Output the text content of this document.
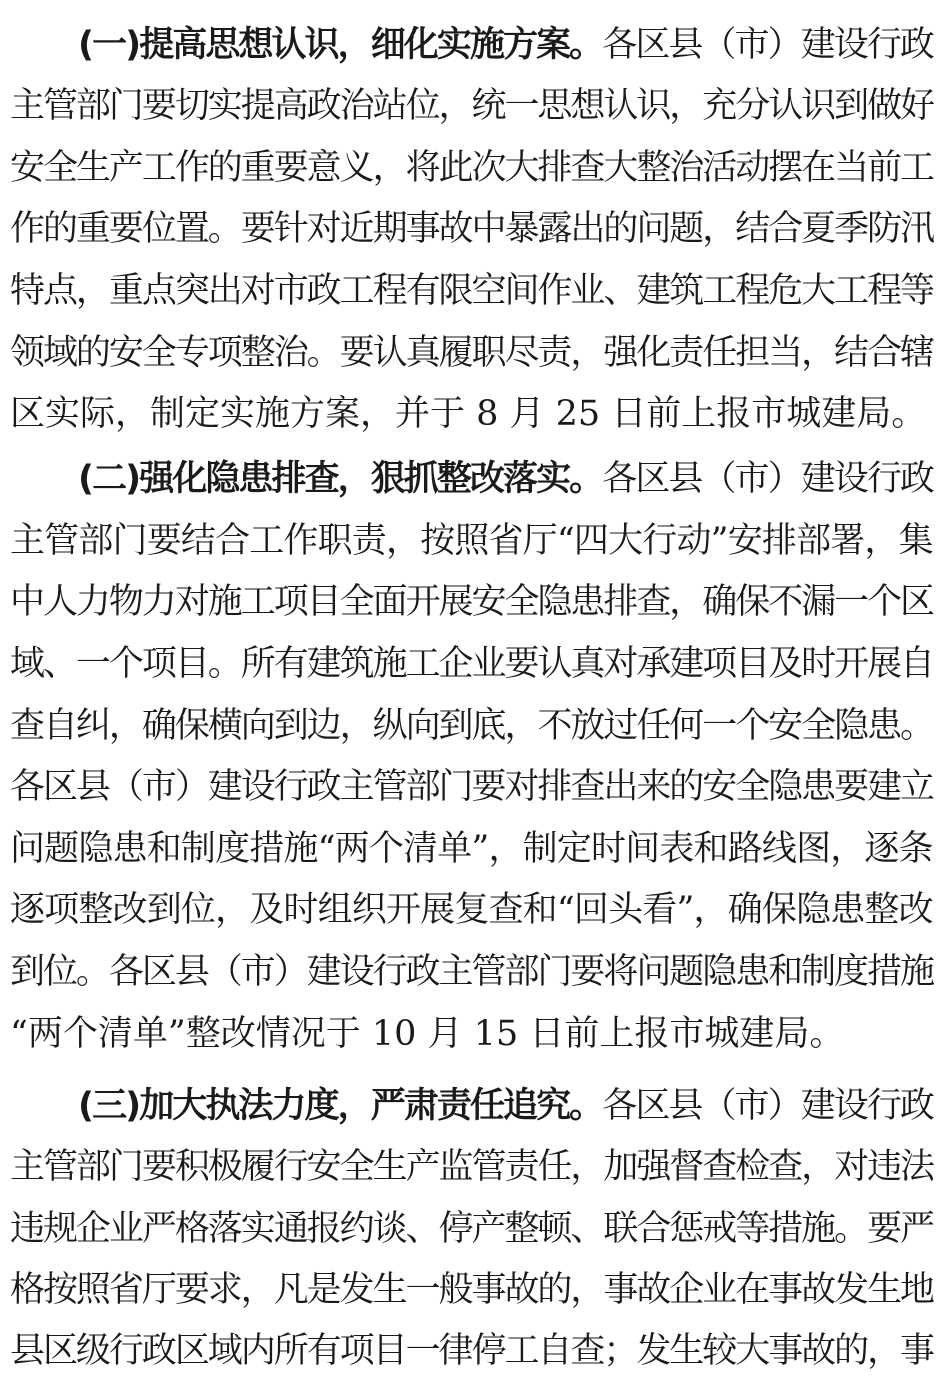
(一)提高思想认识，细化实施方案。各区县（市）建设行政

主管部门要切实提高政治站位，统一思想认识，充分认识到做好

安全生产工作的重要意义，将此次大排查大整治活动摆在当前工

作的重要位置。要针对近期事故中暴露出的问题，结合夏季防汛

特点，重点突出对市政工程有限空间作业、建筑工程危大工程等

领域的安全专项整治。要认真履职尽责，强化责任担当，结合辖

区实际，制定实施方案，并于 8 月 25 日前上报市城建局。

(二)强化隐患排查，狠抓整改落实。各区县（市）建设行政

主管部门要结合工作职责，按照省厅“四大行动”安排部署，集

中人力物力对施工项目全面开展安全隐患排查，确保不漏一个区

域、一个项目。所有建筑施工企业要认真对承建项目及时开展自

查自纠，确保横向到边，纵向到底，不放过任何一个安全隐患。

各区县（市）建设行政主管部门要对排查出来的安全隐患要建立

问题隐患和制度措施“两个清单”，制定时间表和路线图，逐条

逐项整改到位，及时组织开展复查和“回头看”，确保隐患整改

到位。各区县（市）建设行政主管部门要将问题隐患和制度措施

“两个清单”整改情况于 10 月 15 日前上报市城建局。

(三)加大执法力度，严肃责任追究。各区县（市）建设行政

主管部门要积极履行安全生产监管责任，加强督查检查，对违法

违规企业严格落实通报约谈、停产整顿、联合惩戒等措施。要严

格按照省厅要求，凡是发生一般事故的，事故企业在事故发生地

县区级行政区域内所有项目一律停工自查；发生较大事故的，事
